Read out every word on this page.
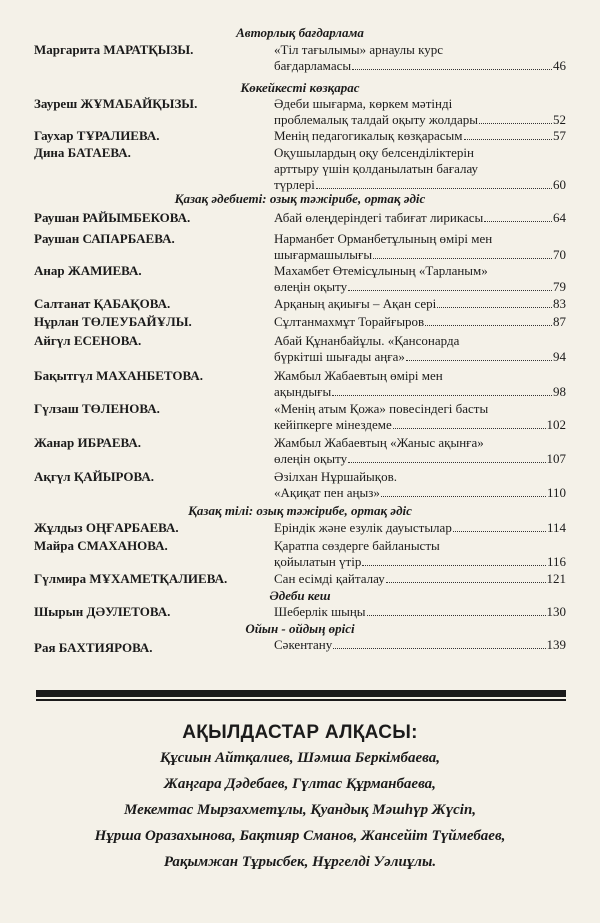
Авторлық бағдарлама
Көкейкесті көзқарас
Қазақ әдебиеті: озық тәжірибе, ортақ әдіс
Қазақ тілі: озық тәжірибе, ортақ әдіс
Әдеби кеш
Ойын - ойдың өрісі
Маргарита МАРАТҚЫЗЫ.	«Тіл тағылымы» арнаулы курс
бағдарламасы	46
Зауреш ЖҰМАБАЙҚЫЗЫ.	Әдеби шығарма, көркем мәтінді
проблемалық талдай оқыту жолдары	52
Гаухар ТҰРАЛИЕВА.	Менің педагогикалық көзқарасым	57
Дина БАТАЕВА.	Оқушылардың оқу белсенділіктерін
арттыру үшін қолданылатын бағалау
түрлері	60
Раушан РАЙЫМБЕКОВА.	Абай өлеңдеріндегі табиғат лирикасы	64
Раушан САПАРБАЕВА.	Нарманбет Орманбетұлының өмірі мен
шығармашылығы	70
Анар ЖАМИЕВА.	Махамбет Өтемісұлының «Тарланым»
өлеңін оқыту	79
Салтанат ҚАБАҚОВА.	Арқаның ақиығы – Ақан сері	83
Нұрлан ТӨЛЕУБАЙҰЛЫ.	Сұлтанмахмұт Торайғыров	87
Айгүл ЕСЕНОВА.	Абай Құнанбайұлы. «Қансонарда
бүркітші шығады аңға»	94
Бақытгүл МАХАНБЕТОВА.	Жамбыл Жабаевтың өмірі мен
ақындығы	98
Гүлзаш ТӨЛЕНОВА.	«Менің атым Қожа» повесіндегі басты
кейіпкерге мінездеме	102
Жанар ИБРАЕВА.	Жамбыл Жабаевтың «Жаныс ақынға»
өлеңін оқыту	107
Ақгүл ҚАЙЫРОВА.	Әзілхан Нұршайықов.
«Ақиқат пен аңыз»	110
Жұлдыз ОҢҒАРБАЕВА.	Еріндік және езулік дауыстылар	114
Майра СМАХАНОВА.	Қаратпа сөздерге байланысты
қойылатын үтір	116
Гүлмира МҰХАМЕТҚАЛИЕВА.	Сан есімді қайталау	121
Шырын ДӘУЛЕТОВА.	Шеберлік шыңы	130
Рая БАХТИЯРОВА.	Сәкентану	139
АҚЫЛДАСТАР АЛҚАСЫ:
Құсиын Айтқалиев, Шәмша Беркімбаева,
Жаңгара Дәдебаев, Гүлтас Құрманбаева,
Мекемтас Мырзахметұлы, Қуандық Мәшһүр Жүсіп,
Нұрша Оразахынова, Бақтияр Сманов, Жансейіт Түймебаев,
Рақымжан Тұрысбек, Нұргелді Уәлиұлы.
